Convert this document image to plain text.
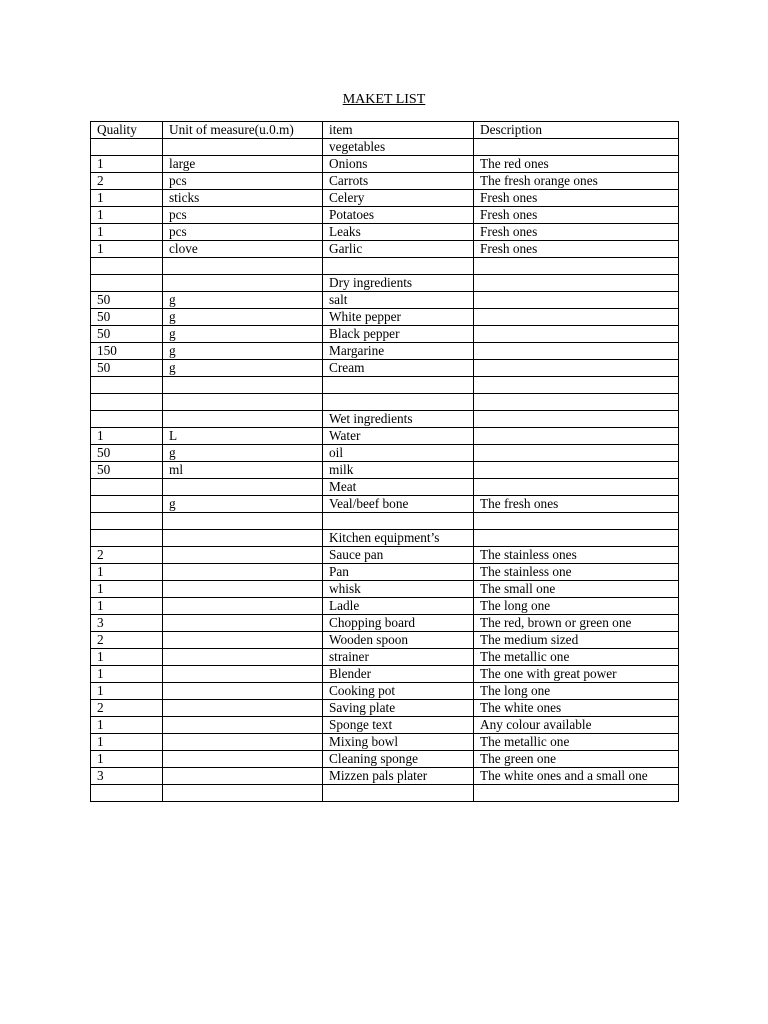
MAKET LIST
Quality	Unit of measure(u.0.m)	item	Description
		vegetables	
1	large	Onions	The red ones
2	pcs	Carrots	The fresh orange ones
1	sticks	Celery	Fresh ones
1	pcs	Potatoes	Fresh ones
1	pcs	Leaks	Fresh ones
1	clove	Garlic	Fresh ones

		Dry ingredients	
50	g	salt	
50	g	White pepper	
50	g	Black pepper	
150	g	Margarine	
50	g	Cream	

		Wet ingredients	
1	L	Water	
50	g	oil	
50	ml	milk	
		Meat	
	g	Veal/beef bone	The fresh ones

		Kitchen equipment’s	
2		Sauce pan	The stainless ones
1		Pan	The stainless one
1		whisk	The small one
1		Ladle	The long one
3		Chopping board	The red, brown or green one
2		Wooden spoon	The medium sized
1		strainer	The metallic one
1		Blender	The one with great power
1		Cooking pot	The long one
2		Saving plate	The white ones
1		Sponge text	Any colour available
1		Mixing bowl	The metallic one
1		Cleaning sponge	The green one
3		Mizzen pals plater	The white ones and a small one
